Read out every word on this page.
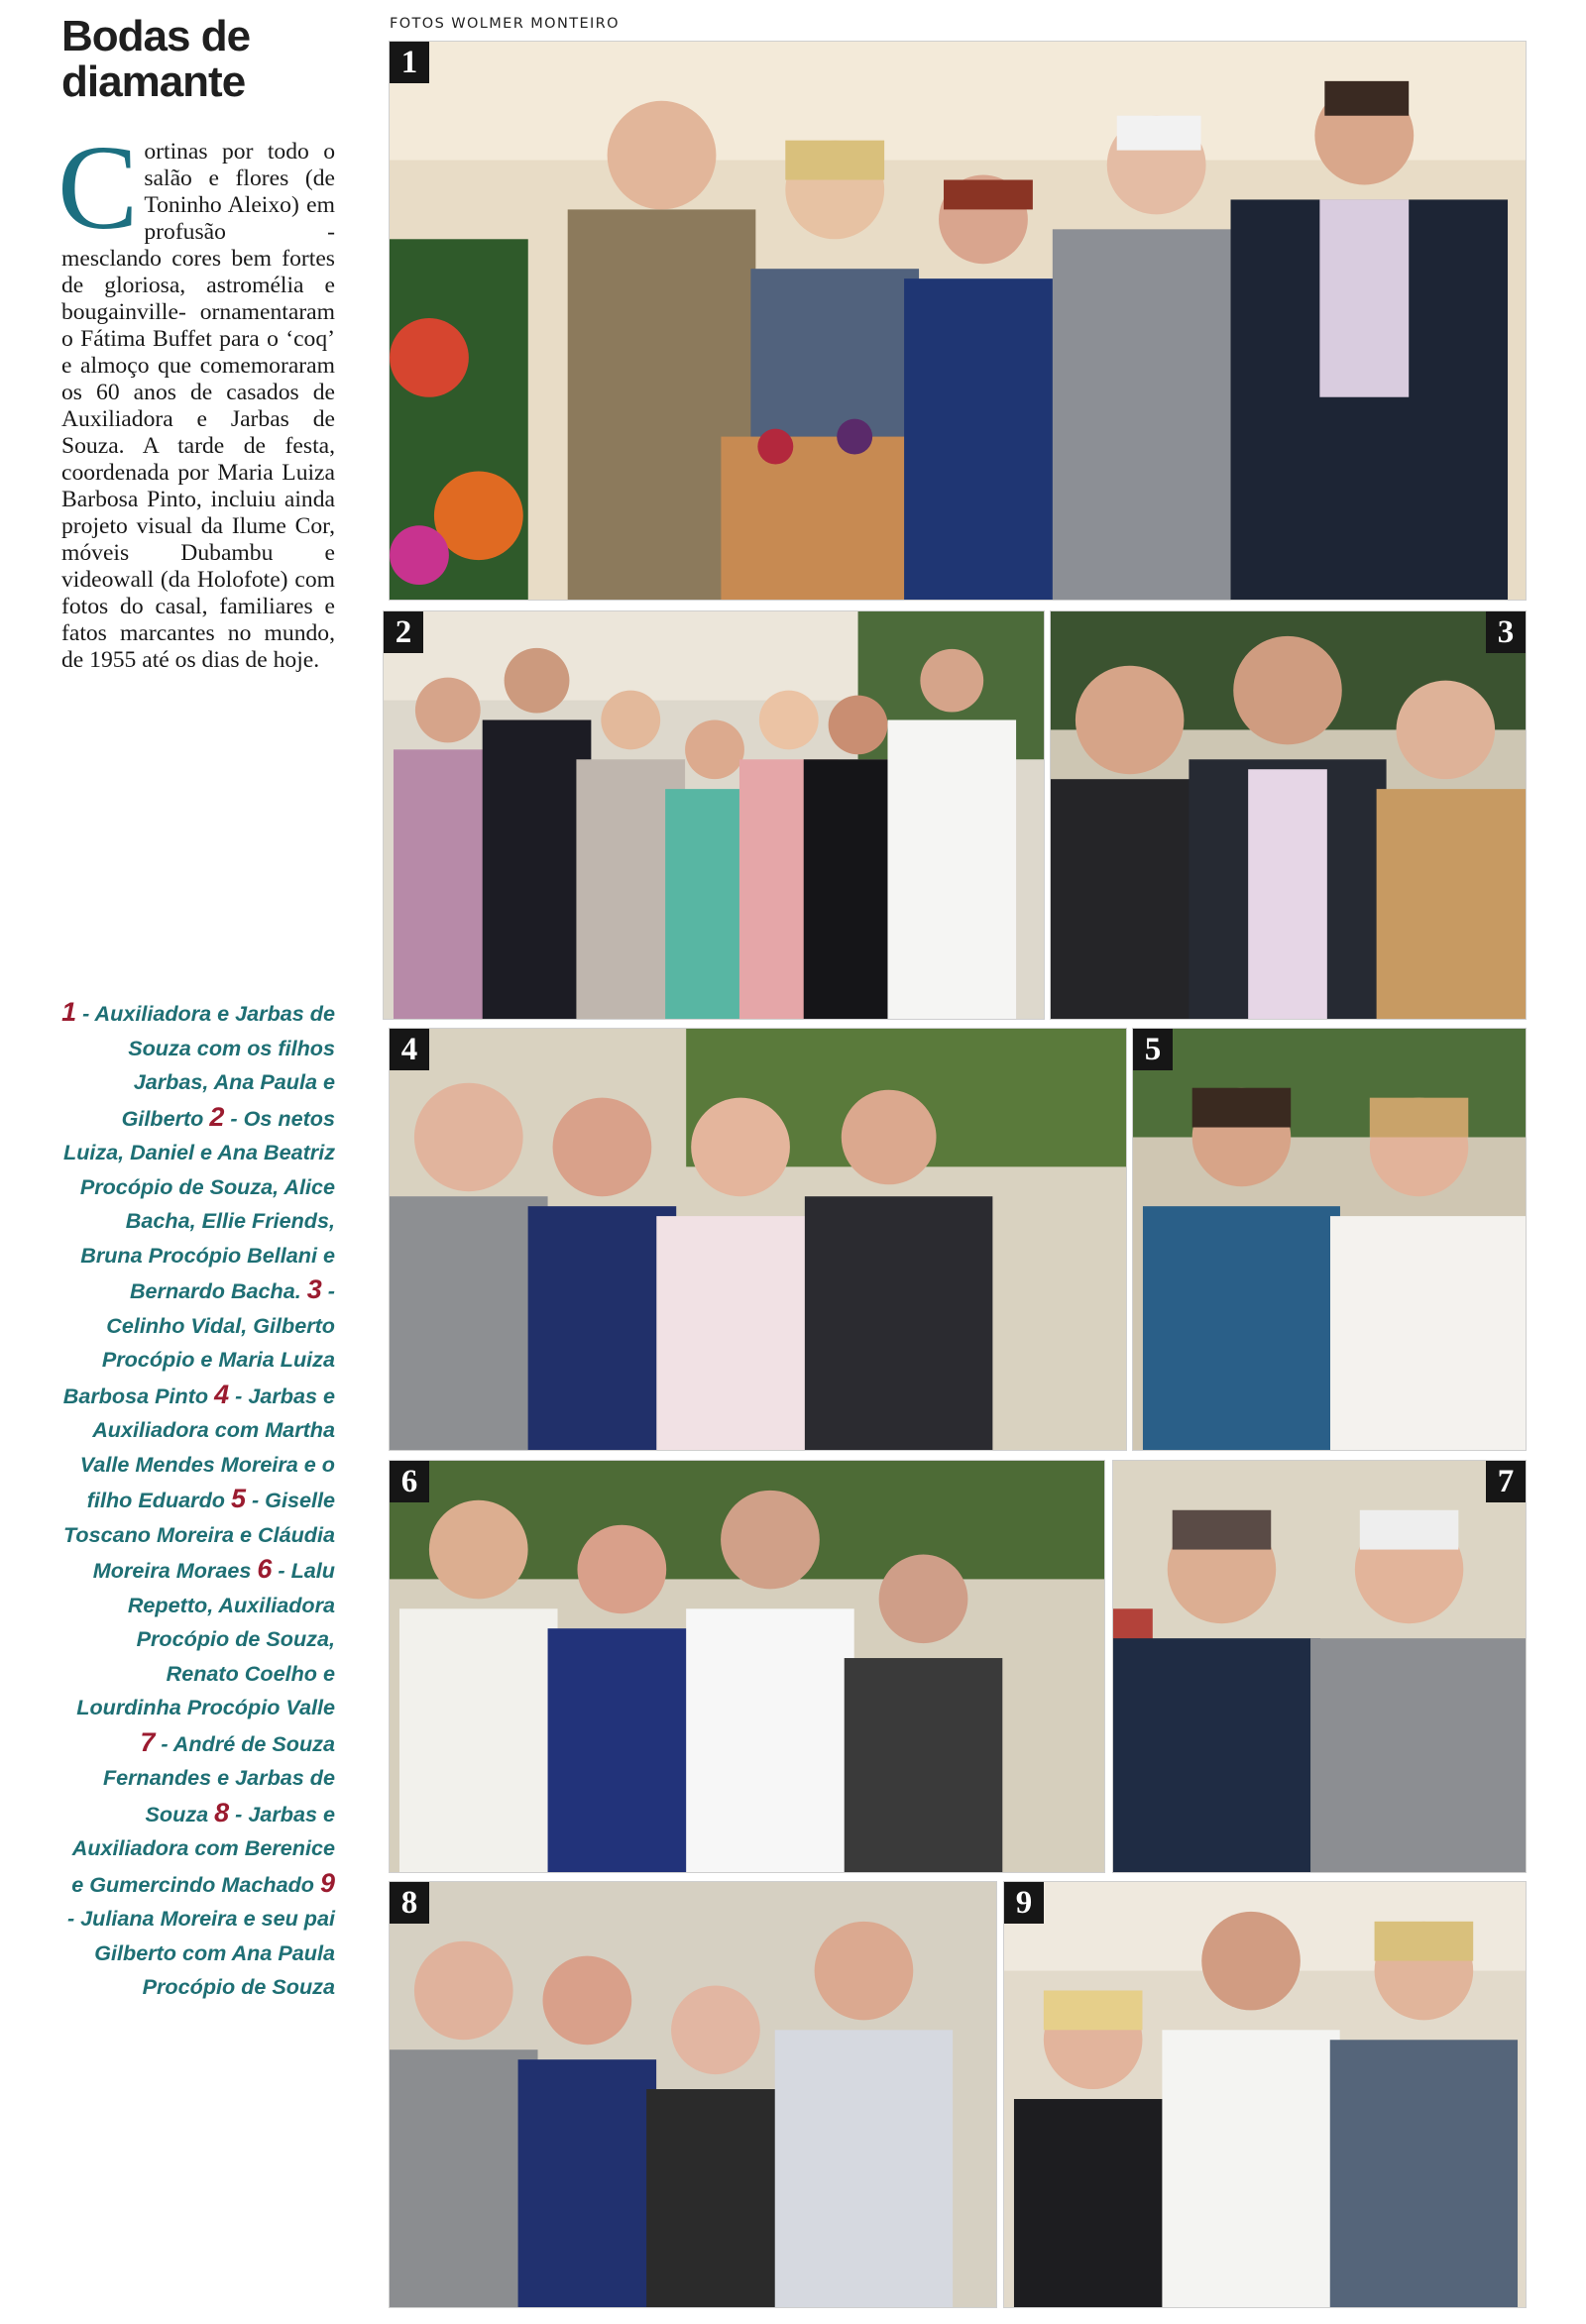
Bodas de
diamante
Cortinas por todo o salão e flores (de Toninho Aleixo) em profusão - mesclando cores bem fortes de gloriosa, astromélia e bougainville- ornamentaram o Fátima Buffet para o ‘coq’ e almoço que comemoraram os 60 anos de casados de Auxiliadora e Jarbas de Souza. A tarde de festa, coordenada por Maria Luiza Barbosa Pinto, incluiu ainda projeto visual da Ilume Cor, móveis Dubambu e videowall (da Holofote) com fotos do casal, familiares e fatos marcantes no mundo, de 1955 até os dias de hoje.
FOTOS WOLMER MONTEIRO
1 - Auxiliadora e Jarbas de Souza com os filhos Jarbas, Ana Paula e Gilberto 2 - Os netos Luiza, Daniel e Ana Beatriz Procópio de Souza, Alice Bacha, Ellie Friends, Bruna Procópio Bellani e Bernardo Bacha. 3 - Celinho Vidal, Gilberto Procópio e Maria Luiza Barbosa Pinto 4 - Jarbas e Auxiliadora com Martha Valle Mendes Moreira e o filho Eduardo 5 - Giselle Toscano Moreira e Cláudia Moreira Moraes 6 - Lalu Repetto, Auxiliadora Procópio de Souza, Renato Coelho e Lourdinha Procópio Valle 7 - André de Souza Fernandes e Jarbas de Souza 8 - Jarbas e Auxiliadora com Berenice e Gumercindo Machado 9 - Juliana Moreira e seu pai Gilberto com Ana Paula Procópio de Souza
1
2	3
4	5
6	7
8	9
